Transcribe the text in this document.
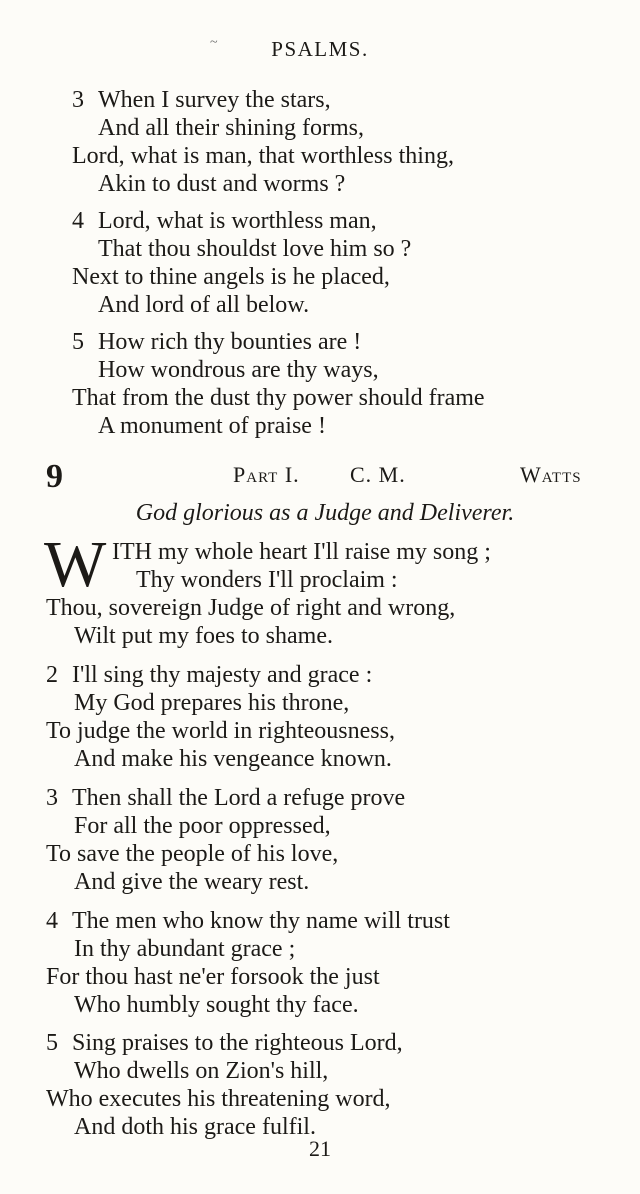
~ PSALMS.
3 When I survey the stars,
And all their shining forms,
Lord, what is man, that worthless thing,
Akin to dust and worms ?
4 Lord, what is worthless man,
That thou shouldst love him so ?
Next to thine angels is he placed,
And lord of all below.
5 How rich thy bounties are !
How wondrous are thy ways,
That from the dust thy power should frame
A monument of praise !
9	Part I. C. M.	Watts
God glorious as a Judge and Deliverer.
W ITH my whole heart I'll raise my song ;
Thy wonders I'll proclaim :
Thou, sovereign Judge of right and wrong,
Wilt put my foes to shame.
2 I'll sing thy majesty and grace :
My God prepares his throne,
To judge the world in righteousness,
And make his vengeance known.
3 Then shall the Lord a refuge prove
For all the poor oppressed,
To save the people of his love,
And give the weary rest.
4 The men who know thy name will trust
In thy abundant grace ;
For thou hast ne'er forsook the just
Who humbly sought thy face.
5 Sing praises to the righteous Lord,
Who dwells on Zion's hill,
Who executes his threatening word,
And doth his grace fulfil.
21
